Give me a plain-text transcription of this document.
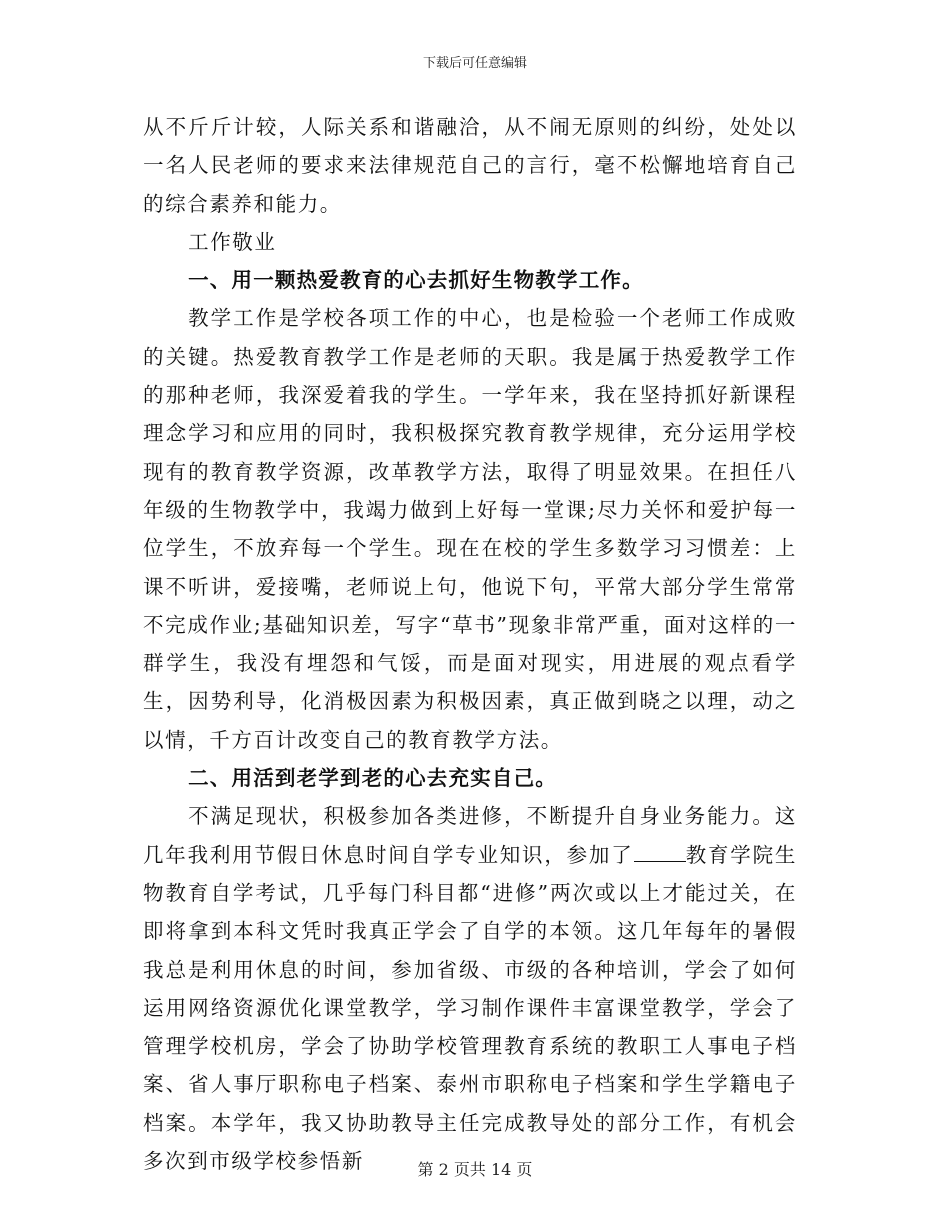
下载后可任意编辑

从不斤斤计较，人际关系和谐融洽，从不闹无原则的纠纷，处处以一名人民老师的要求来法律规范自己的言行，毫不松懈地培育自己的综合素养和能力。

工作敬业

一、用一颗热爱教育的心去抓好生物教学工作。

教学工作是学校各项工作的中心，也是检验一个老师工作成败的关键。热爱教育教学工作是老师的天职。我是属于热爱教学工作的那种老师，我深爱着我的学生。一学年来，我在坚持抓好新课程理念学习和应用的同时，我积极探究教育教学规律，充分运用学校现有的教育教学资源，改革教学方法，取得了明显效果。在担任八年级的生物教学中，我竭力做到上好每一堂课;尽力关怀和爱护每一位学生，不放弃每一个学生。现在在校的学生多数学习习惯差：上课不听讲，爱接嘴，老师说上句，他说下句，平常大部分学生常常不完成作业;基础知识差，写字“草书”现象非常严重，面对这样的一群学生，我没有埋怨和气馁，而是面对现实，用进展的观点看学生，因势利导，化消极因素为积极因素，真正做到晓之以理，动之以情，千方百计改变自己的教育教学方法。

二、用活到老学到老的心去充实自己。

不满足现状，积极参加各类进修，不断提升自身业务能力。这几年我利用节假日休息时间自学专业知识，参加了	教育学院生物教育自学考试，几乎每门科目都“进修”两次或以上才能过关，在即将拿到本科文凭时我真正学会了自学的本领。这几年每年的暑假我总是利用休息的时间，参加省级、市级的各种培训，学会了如何运用网络资源优化课堂教学，学习制作课件丰富课堂教学，学会了管理学校机房，学会了协助学校管理教育系统的教职工人事电子档案、省人事厅职称电子档案、泰州市职称电子档案和学生学籍电子档案。本学年，我又协助教导主任完成教导处的部分工作，有机会多次到市级学校参悟新	第 2 页共 14 页
